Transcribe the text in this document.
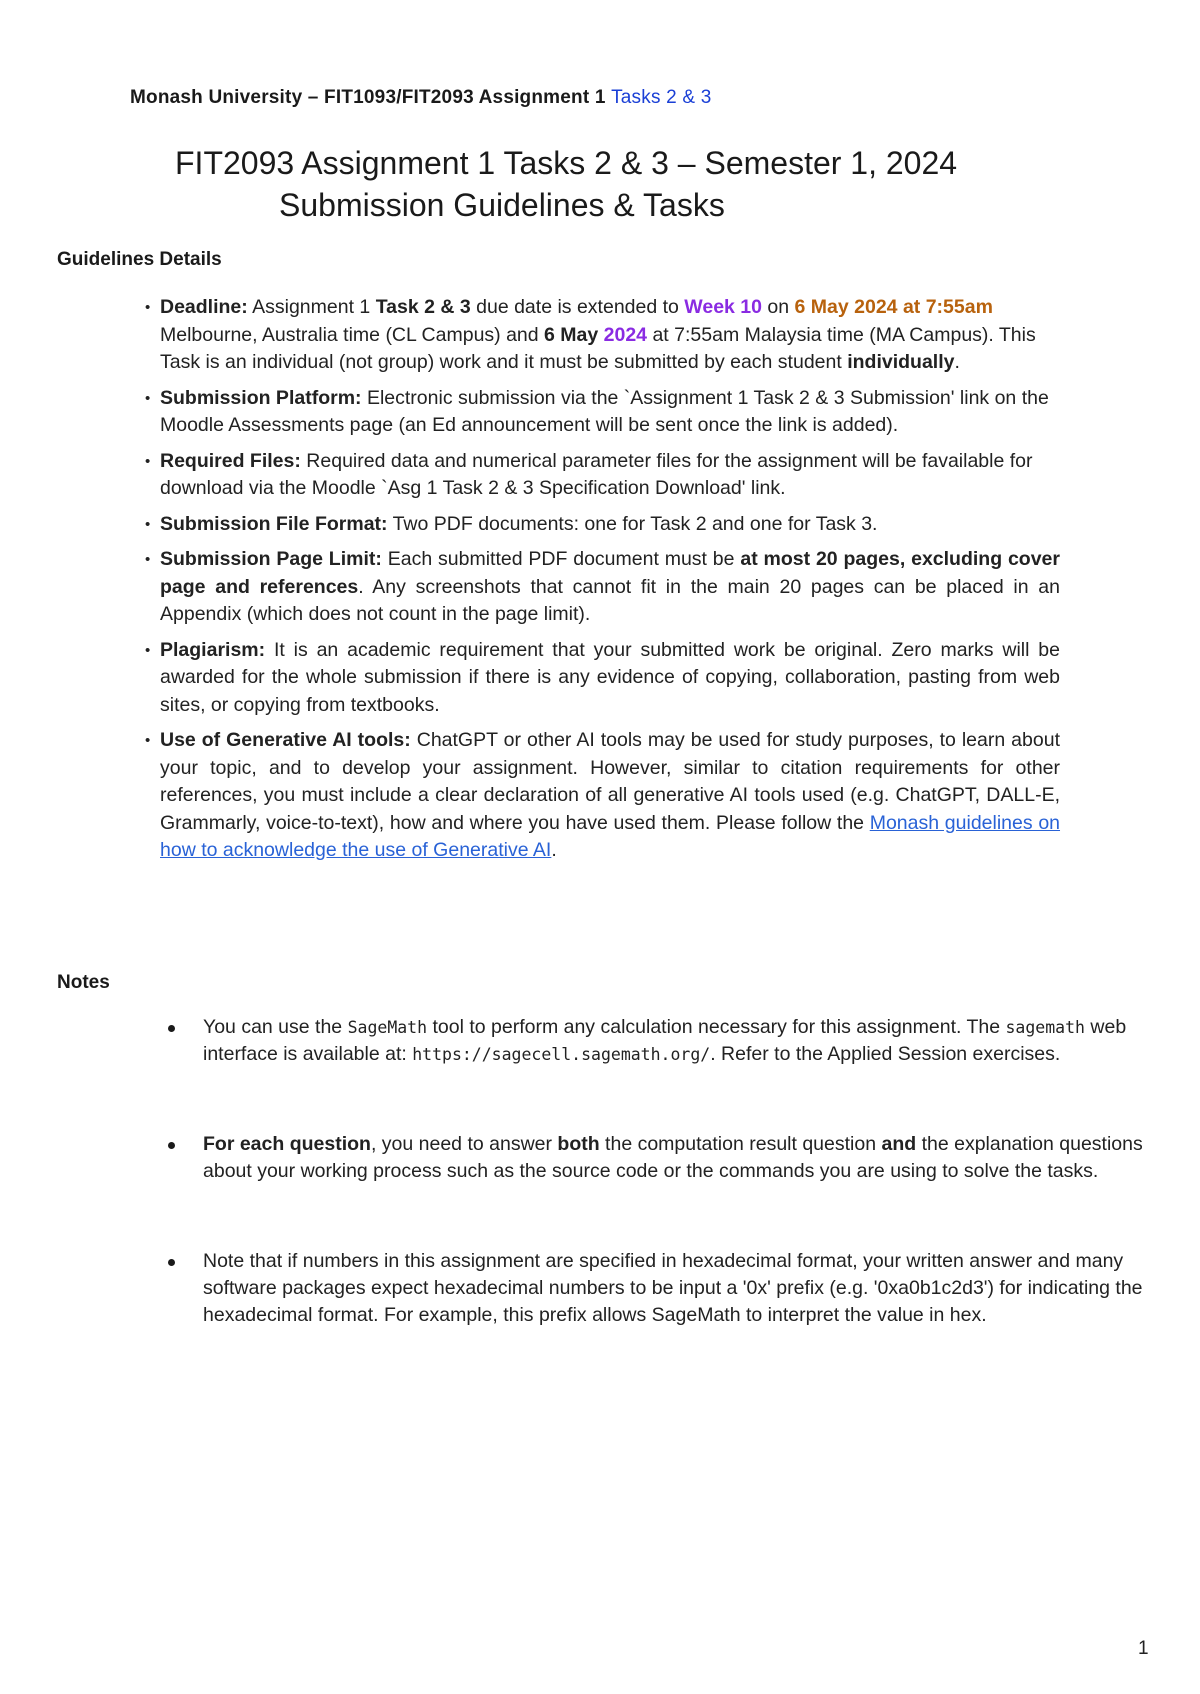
Monash University – FIT1093/FIT2093 Assignment 1 Tasks 2 & 3
FIT2093 Assignment 1 Tasks 2 & 3 – Semester 1, 2024
Submission Guidelines & Tasks
Guidelines Details
• Deadline: Assignment 1 Task 2 & 3 due date is extended to Week 10 on 6 May 2024 at 7:55am Melbourne, Australia time (CL Campus) and 6 May 2024 at 7:55am Malaysia time (MA Campus). This Task is an individual (not group) work and it must be submitted by each student individually.
• Submission Platform: Electronic submission via the `Assignment 1 Task 2 & 3 Submission' link on the Moodle Assessments page (an Ed announcement will be sent once the link is added).
• Required Files: Required data and numerical parameter files for the assignment will be favailable for download via the Moodle `Asg 1 Task 2 & 3 Specification Download' link.
• Submission File Format: Two PDF documents: one for Task 2 and one for Task 3.
• Submission Page Limit: Each submitted PDF document must be at most 20 pages, excluding cover page and references. Any screenshots that cannot fit in the main 20 pages can be placed in an Appendix (which does not count in the page limit).
• Plagiarism: It is an academic requirement that your submitted work be original. Zero marks will be awarded for the whole submission if there is any evidence of copying, collaboration, pasting from web sites, or copying from textbooks.
• Use of Generative AI tools: ChatGPT or other AI tools may be used for study purposes, to learn about your topic, and to develop your assignment. However, similar to citation requirements for other references, you must include a clear declaration of all generative AI tools used (e.g. ChatGPT, DALL-E, Grammarly, voice-to-text), how and where you have used them. Please follow the Monash guidelines on how to acknowledge the use of Generative AI.
Notes
You can use the SageMath tool to perform any calculation necessary for this assignment. The sagemath web interface is available at: https://sagecell.sagemath.org/. Refer to the Applied Session exercises.
For each question, you need to answer both the computation result question and the explanation questions about your working process such as the source code or the commands you are using to solve the tasks.
Note that if numbers in this assignment are specified in hexadecimal format, your written answer and many software packages expect hexadecimal numbers to be input a '0x' prefix (e.g. '0xa0b1c2d3') for indicating the hexadecimal format. For example, this prefix allows SageMath to interpret the value in hex.
1
